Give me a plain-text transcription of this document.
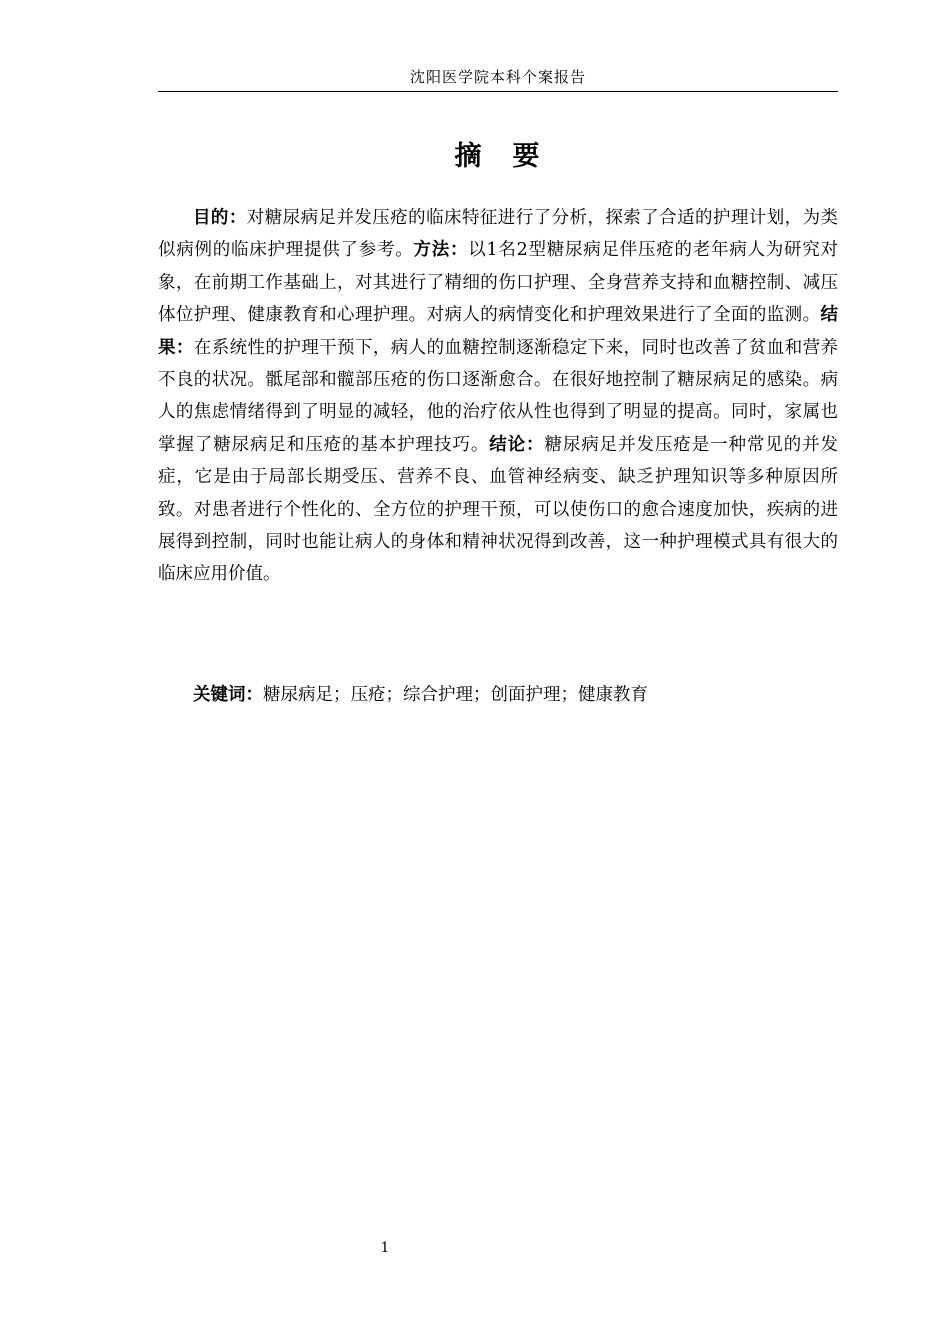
沈阳医学院本科个案报告
摘　要
目的：对糖尿病足并发压疮的临床特征进行了分析，探索了合适的护理计划，为类似病例的临床护理提供了参考。方法：以1名2型糖尿病足伴压疮的老年病人为研究对象，在前期工作基础上，对其进行了精细的伤口护理、全身营养支持和血糖控制、减压体位护理、健康教育和心理护理。对病人的病情变化和护理效果进行了全面的监测。结果：在系统性的护理干预下，病人的血糖控制逐渐稳定下来，同时也改善了贫血和营养不良的状况。骶尾部和髋部压疮的伤口逐渐愈合。在很好地控制了糖尿病足的感染。病人的焦虑情绪得到了明显的减轻，他的治疗依从性也得到了明显的提高。同时，家属也掌握了糖尿病足和压疮的基本护理技巧。结论：糖尿病足并发压疮是一种常见的并发症，它是由于局部长期受压、营养不良、血管神经病变、缺乏护理知识等多种原因所致。对患者进行个性化的、全方位的护理干预，可以使伤口的愈合速度加快，疾病的进展得到控制，同时也能让病人的身体和精神状况得到改善，这一种护理模式具有很大的临床应用价值。
关键词：糖尿病足；压疮；综合护理；创面护理；健康教育
1
